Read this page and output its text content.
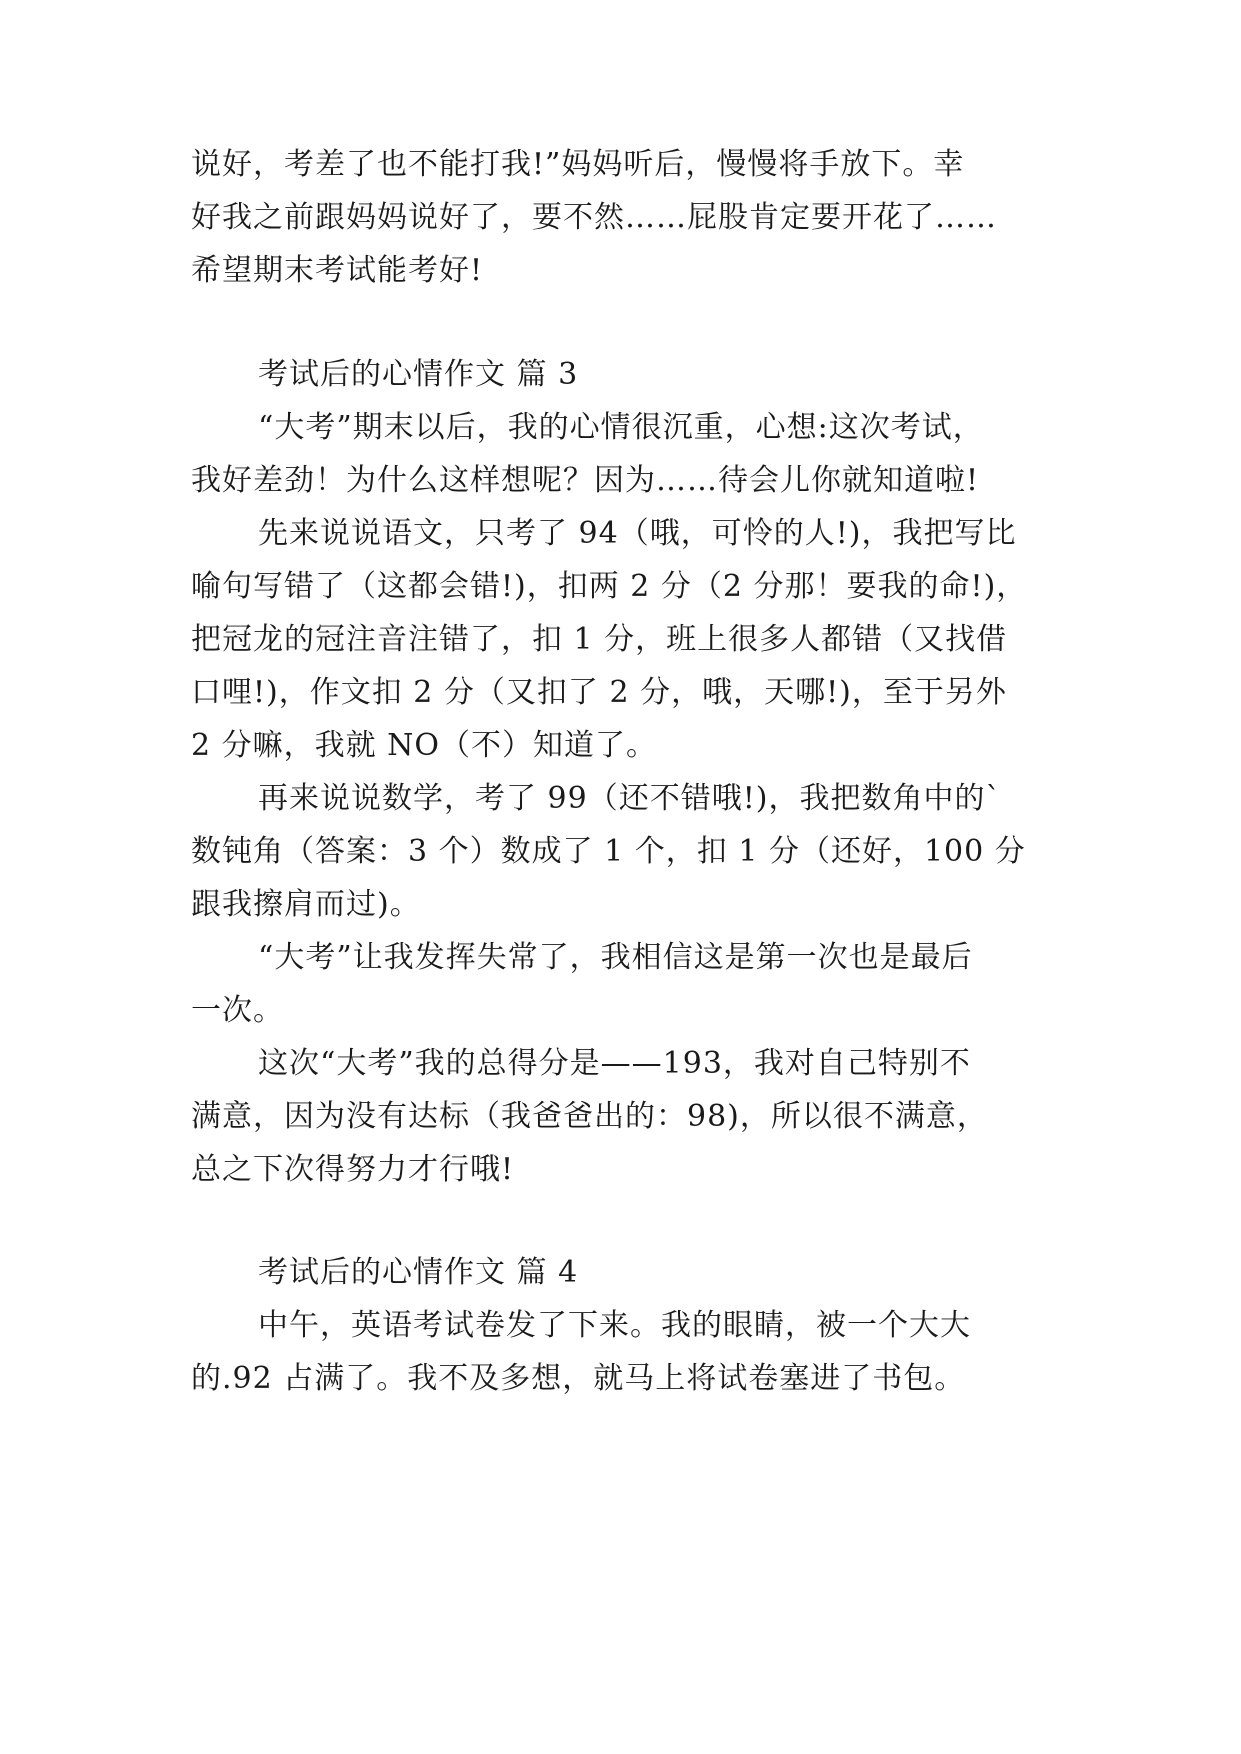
说好，考差了也不能打我!”妈妈听后，慢慢将手放下。幸
好我之前跟妈妈说好了，要不然……屁股肯定要开花了……
希望期末考试能考好!
考试后的心情作文 篇 3
“大考”期末以后，我的心情很沉重，心想:这次考试，
我好差劲！为什么这样想呢？因为……待会儿你就知道啦!
先来说说语文，只考了 94（哦，可怜的人!)，我把写比
喻句写错了（这都会错!)，扣两 2 分（2 分那！要我的命!)，
把冠龙的冠注音注错了，扣 1 分，班上很多人都错（又找借
口哩!)，作文扣 2 分（又扣了 2 分，哦，天哪!)，至于另外
2 分嘛，我就 NO（不）知道了。
再来说说数学，考了 99（还不错哦!)，我把数角中的`
数钝角（答案：3 个）数成了 1 个，扣 1 分（还好，100 分
跟我擦肩而过)。
“大考”让我发挥失常了，我相信这是第一次也是最后
一次。
这次“大考”我的总得分是——193，我对自己特别不
满意，因为没有达标（我爸爸出的：98)，所以很不满意，
总之下次得努力才行哦!
考试后的心情作文 篇 4
中午，英语考试卷发了下来。我的眼睛，被一个大大
的.92 占满了。我不及多想，就马上将试卷塞进了书包。
